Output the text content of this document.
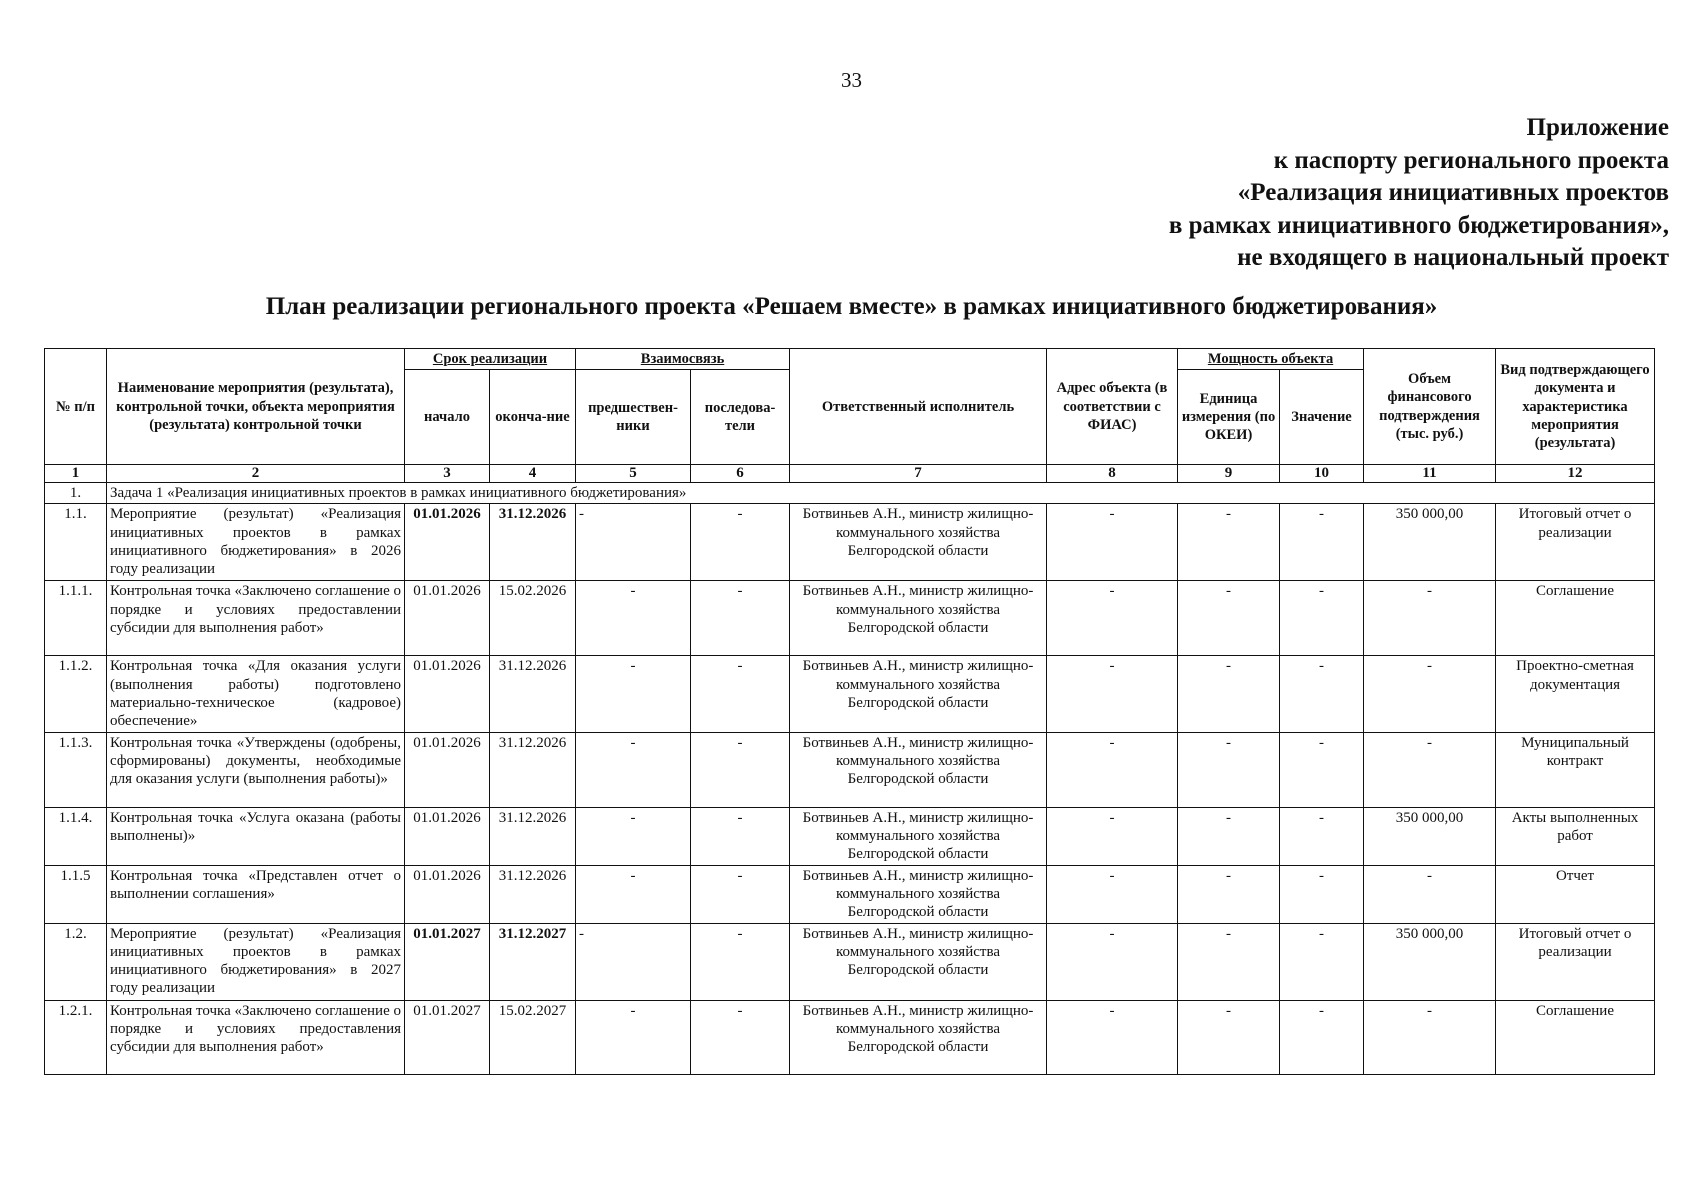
33
Приложение
к паспорту регионального проекта
«Реализация инициативных проектов
в рамках инициативного бюджетирования»,
не входящего в национальный проект
План реализации регионального проекта «Решаем вместе» в рамках инициативного бюджетирования»
№ п/п	Наименование мероприятия (результата), контрольной точки, объекта мероприятия (результата) контрольной точки	Срок реализации		Взаимосвязь		Ответственный исполнитель	Адрес объекта (в соответствии с ФИАС)	Мощность объекта		Объем финансового подтверждения (тыс. руб.)	Вид подтверждающего документа и характеристика мероприятия (результата)
		начало	оконча-ние	предшествен-ники	последова-тели			Единица измерения (по ОКЕИ)	Значение		
1	2	3	4	5	6	7	8	9	10	11	12
1.	Задача 1 «Реализация инициативных проектов в рамках инициативного бюджетирования»										
1.1.	Мероприятие (результат) «Реализация инициативных проектов в рамках инициативного бюджетирования» в 2026 году реализации	01.01.2026	31.12.2026	-	-	Ботвиньев А.Н., министр жилищно-коммунального хозяйства Белгородской области	-	-	-	350 000,00	Итоговый отчет о реализации
1.1.1.	Контрольная точка «Заключено соглашение о порядке и условиях предоставлении субсидии для выполнения работ»	01.01.2026	15.02.2026	-	-	Ботвиньев А.Н., министр жилищно-коммунального хозяйства Белгородской области	-	-	-	-	Соглашение
1.1.2.	Контрольная точка «Для оказания услуги (выполнения работы) подготовлено материально-техническое (кадровое) обеспечение»	01.01.2026	31.12.2026	-	-	Ботвиньев А.Н., министр жилищно-коммунального хозяйства Белгородской области	-	-	-	-	Проектно-сметная документация
1.1.3.	Контрольная точка «Утверждены (одобрены, сформированы) документы, необходимые для оказания услуги (выполнения работы)»	01.01.2026	31.12.2026	-	-	Ботвиньев А.Н., министр жилищно-коммунального хозяйства Белгородской области	-	-	-	-	Муниципальный контракт
1.1.4.	Контрольная точка «Услуга оказана (работы выполнены)»	01.01.2026	31.12.2026	-	-	Ботвиньев А.Н., министр жилищно-коммунального хозяйства Белгородской области	-	-	-	350 000,00	Акты выполненных работ
1.1.5	Контрольная точка «Представлен отчет о выполнении соглашения»	01.01.2026	31.12.2026	-	-	Ботвиньев А.Н., министр жилищно-коммунального хозяйства Белгородской области	-	-	-	-	Отчет
1.2.	Мероприятие (результат) «Реализация инициативных проектов в рамках инициативного бюджетирования» в 2027 году реализации	01.01.2027	31.12.2027	-	-	Ботвиньев А.Н., министр жилищно-коммунального хозяйства Белгородской области	-	-	-	350 000,00	Итоговый отчет о реализации
1.2.1.	Контрольная точка «Заключено соглашение о порядке и условиях предоставления субсидии для выполнения работ»	01.01.2027	15.02.2027	-	-	Ботвиньев А.Н., министр жилищно-коммунального хозяйства Белгородской области	-	-	-	-	Соглашение
